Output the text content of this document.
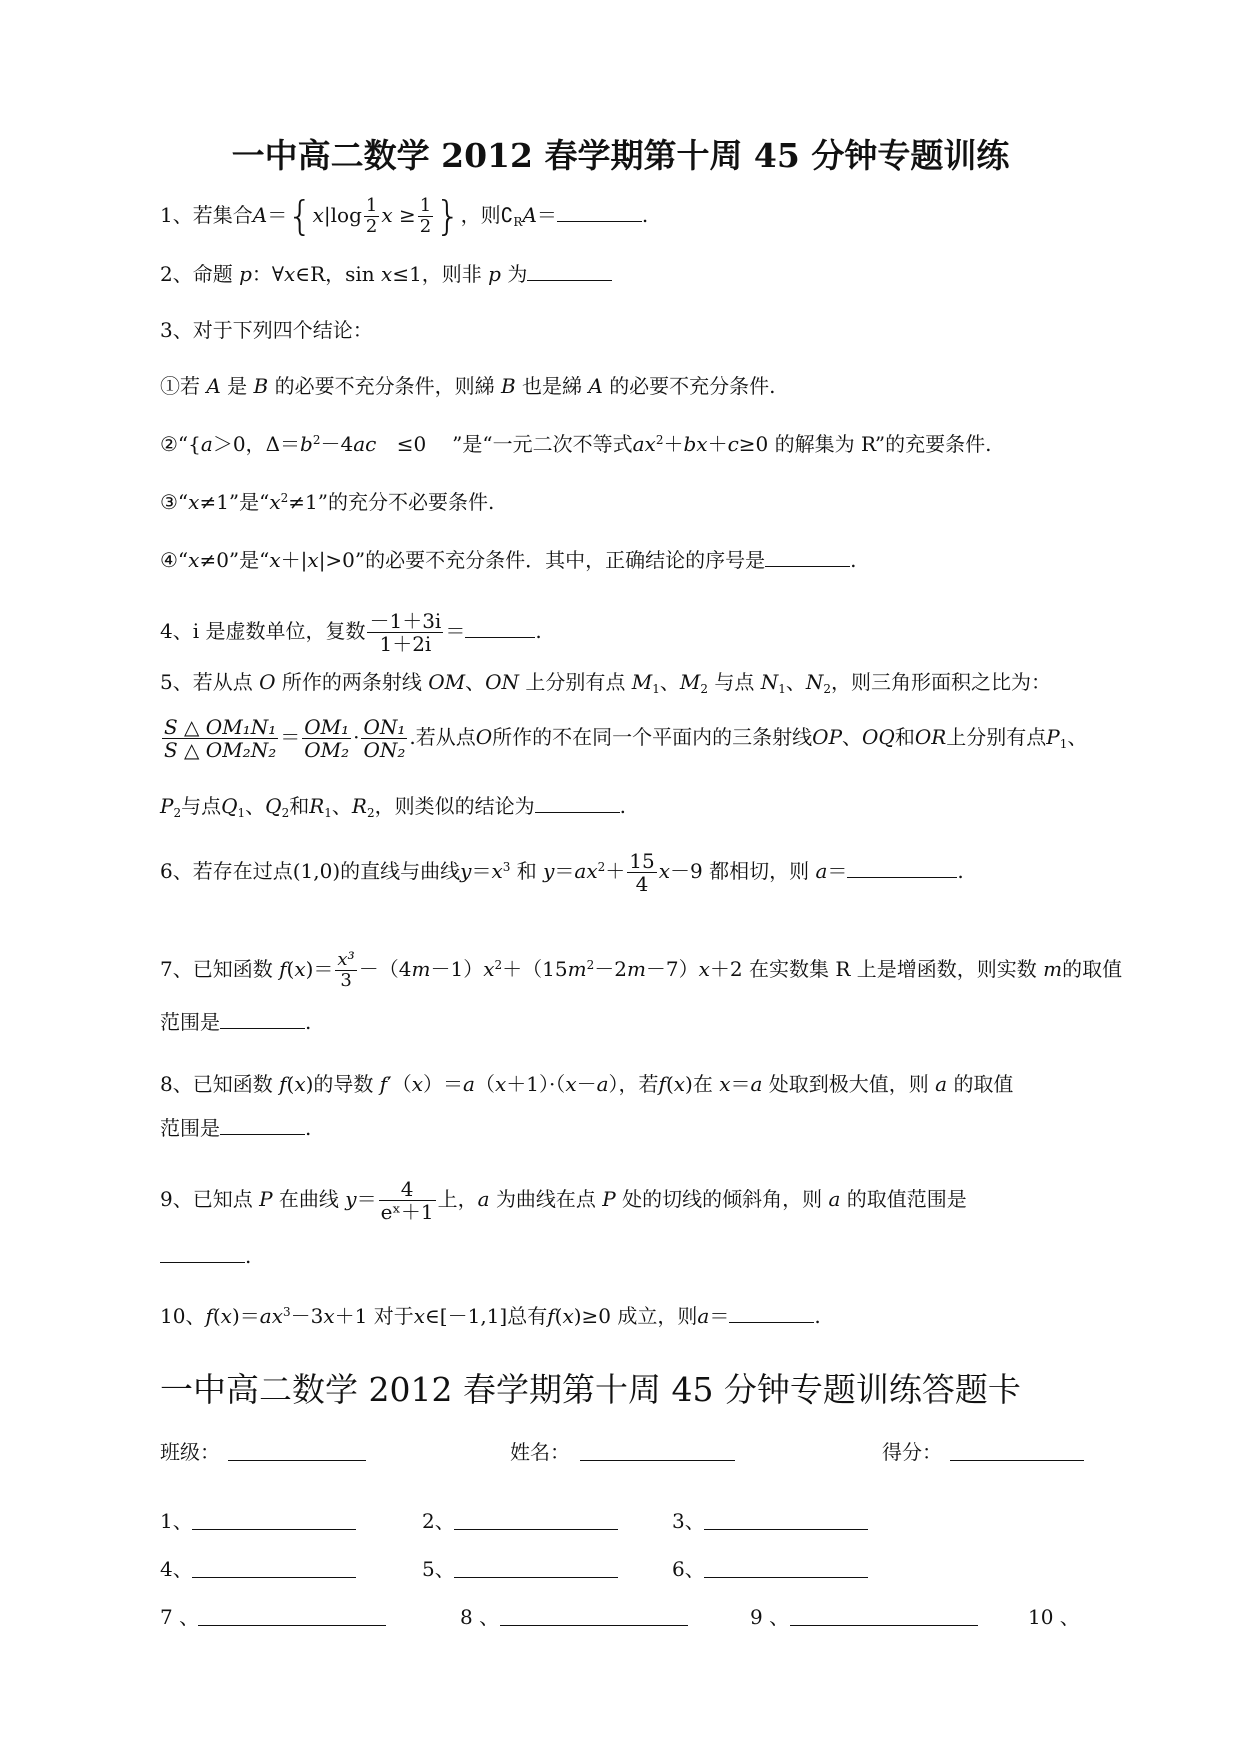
一中高二数学 2012 春学期第十周 45 分钟专题训练
1、若集合$A=\{x|\log \frac{1}{2}$ $x \ge \frac{1}{2}$ }，则$∁_RA=$	.
2、命题 p：∀x∈R，sin x≤1，则非 p 为
3、对于下列四个结论：
①若 A 是 B 的必要不充分条件，则綈 B 也是綈 A 的必要不充分条件.
②“{a＞0，$\Delta=b^2-4ac \le 0$ ”是“一元二次不等式$ax^2+bx+c\ge 0$ 的解集为 R”的充要条件.
③“x≠1”是“$x^2\ne 1$”的充分不必要条件.
④“x≠0”是“x＋|x|>0”的必要不充分条件．其中，正确结论的序号是	.
4、i 是虚数单位，复数 $\frac{-1+3i}{1+2i}$ ＝	.
5、若从点 O 所作的两条射线 OM、ON 上分别有点 $M_1$、$M_2$ 与点 $N_1$、$N_2$，则三角形面积之比为：
$\frac{\text{S △ OM₁N₁}}{\text{S △ OM₂N₂}} = \frac{\text{OM₁}}{\text{OM₂}} \cdot \frac{\text{ON₁}}{\text{ON₂}}$ .若从点O所作的不在同一个平面内的三条射线OP、OQ和OR上分别有点$P_1$、
$P_2$与点$Q_1$、$Q_2$和$R_1$、$R_2$，则类似的结论为	.
6、若存在过点(1,0)的直线与曲线$y=x^3$ 和 $y=ax^2+ \frac{15}{4} x-9$ 都相切，则 a＝	.
7、已知函数 $f(x)= \frac{\text{x³}}{3} -(4m-1)x^2+(15m^2-2m-7)x+2$ 在实数集 R 上是增函数，则实数 m的取值
范围是	.
8、已知函数 f(x)的导数 f′（x）＝a（x＋1）·（x－a），若f(x)在 x＝a 处取到极大值，则 a 的取值
范围是	.
9、已知点 P 在曲线 $y= \frac{4}{\text{eˣ＋1}}$ 上，a 为曲线在点 P 处的切线的倾斜角，则 a 的取值范围是
.
10、$f(x)=ax^3-3x+1$ 对于x∈[－1,1]总有f(x)≥0 成立，则a＝	.
一中高二数学 2012 春学期第十周 45 分钟专题训练答题卡
班级：	姓名：	得分：
1、	2、	3、
4、	5、	6、
7 、	8 、	9 、	10 、
